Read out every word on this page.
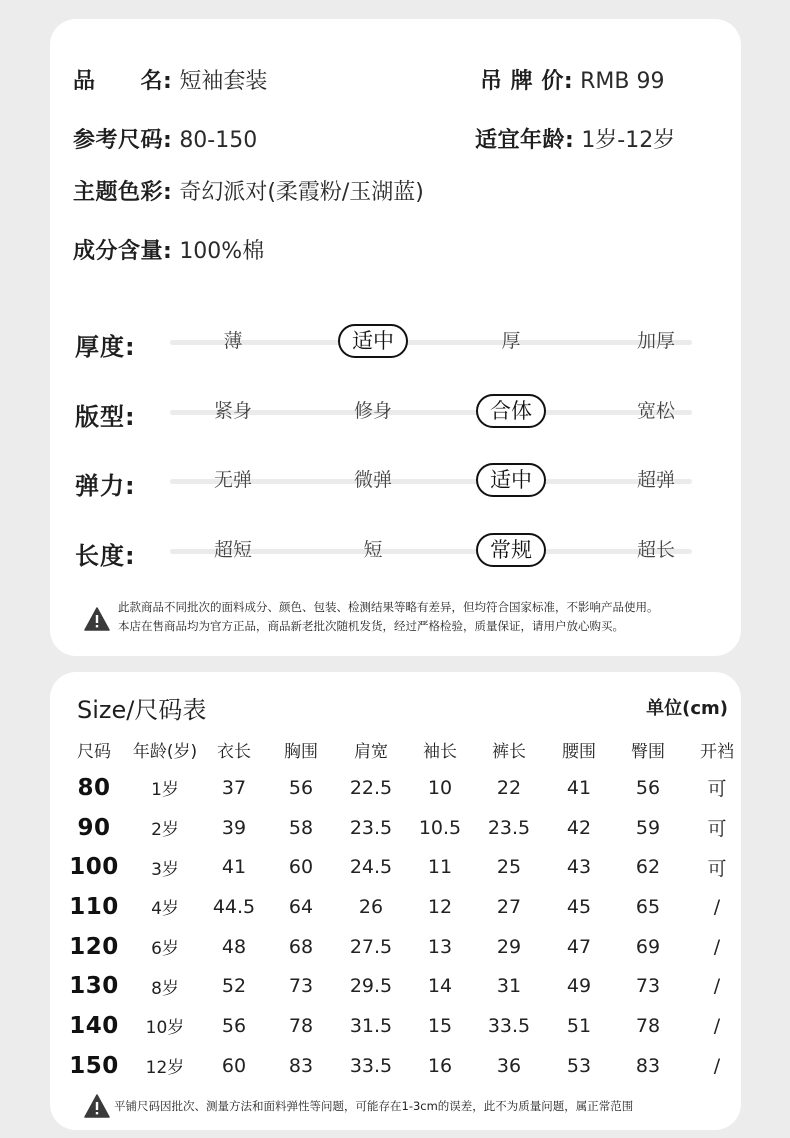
品　　名: 短袖套装	吊 牌 价: RMB 99
参考尺码: 80-150	适宜年龄: 1岁-12岁
主题色彩: 奇幻派对(柔霞粉/玉湖蓝)
成分含量: 100%棉
厚度:	薄	适中	厚	加厚
版型:	紧身	修身	合体	宽松
弹力:	无弹	微弹	适中	超弹
长度:	超短	短	常规	超长
此款商品不同批次的面料成分、颜色、包装、检测结果等略有差异，但均符合国家标准，不影响产品使用。
本店在售商品均为官方正品，商品新老批次随机发货，经过严格检验，质量保证，请用户放心购买。
Size/尺码表	单位(cm)
尺码	年龄(岁)	衣长	胸围	肩宽	袖长	裤长	腰围	臀围	开裆
80	1岁	37	56	22.5	10	22	41	56	可
90	2岁	39	58	23.5	10.5	23.5	42	59	可
100	3岁	41	60	24.5	11	25	43	62	可
110	4岁	44.5	64	26	12	27	45	65	/
120	6岁	48	68	27.5	13	29	47	69	/
130	8岁	52	73	29.5	14	31	49	73	/
140	10岁	56	78	31.5	15	33.5	51	78	/
150	12岁	60	83	33.5	16	36	53	83	/
平铺尺码因批次、测量方法和面料弹性等问题，可能存在1-3cm的误差，此不为质量问题，属正常范围
